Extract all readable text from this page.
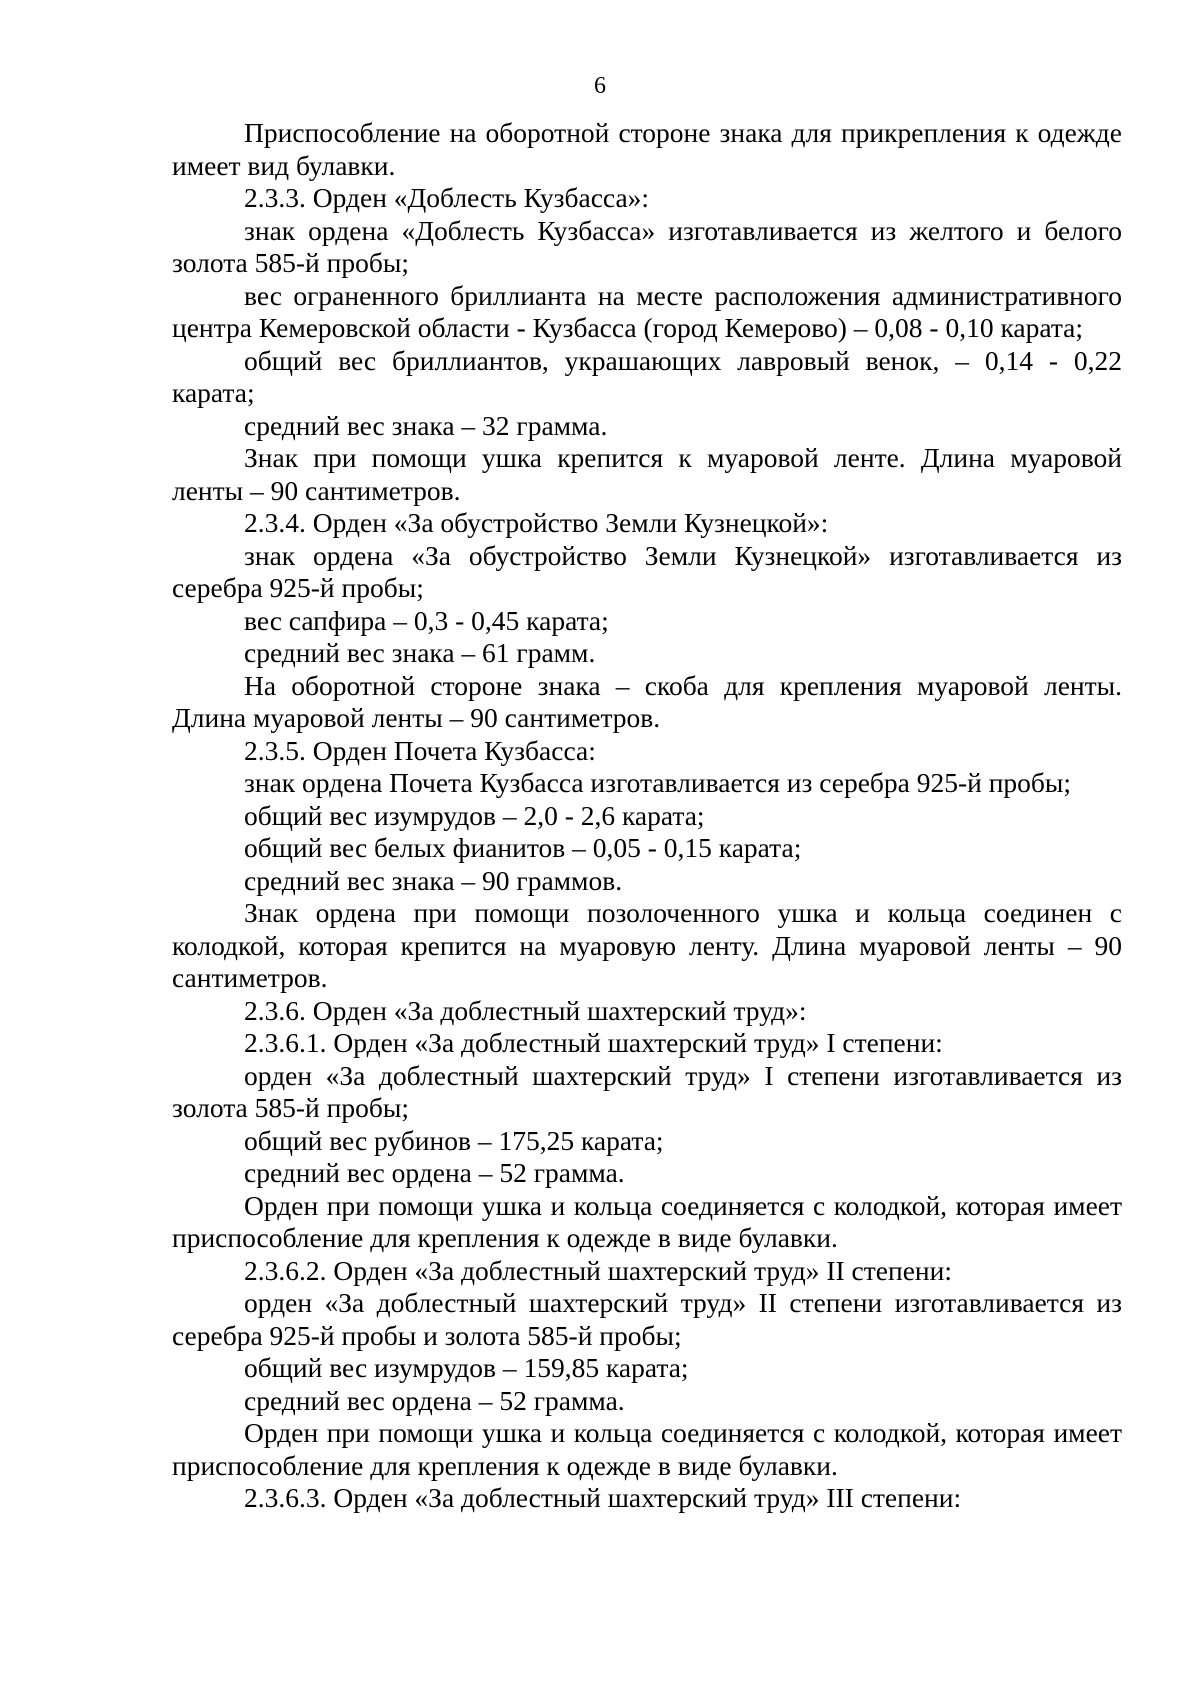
6

Приспособление на оборотной стороне знака для прикрепления к одежде имеет вид булавки.

2.3.3. Орден «Доблесть Кузбасса»:

знак ордена «Доблесть Кузбасса» изготавливается из желтого и белого золота 585-й пробы;

вес ограненного бриллианта на месте расположения административного центра Кемеровской области - Кузбасса (город Кемерово) – 0,08 - 0,10 карата;

общий вес бриллиантов, украшающих лавровый венок, – 0,14 - 0,22 карата;

средний вес знака – 32 грамма.

Знак при помощи ушка крепится к муаровой ленте. Длина муаровой ленты – 90 сантиметров.

2.3.4. Орден «За обустройство Земли Кузнецкой»:

знак ордена «За обустройство Земли Кузнецкой» изготавливается из серебра 925-й пробы;

вес сапфира – 0,3 - 0,45 карата;

средний вес знака – 61 грамм.

На оборотной стороне знака – скоба для крепления муаровой ленты. Длина муаровой ленты – 90 сантиметров.

2.3.5. Орден Почета Кузбасса:

знак ордена Почета Кузбасса изготавливается из серебра 925-й пробы;

общий вес изумрудов – 2,0 - 2,6 карата;

общий вес белых фианитов – 0,05 - 0,15 карата;

средний вес знака – 90 граммов.

Знак ордена при помощи позолоченного ушка и кольца соединен с колодкой, которая крепится на муаровую ленту. Длина муаровой ленты – 90 сантиметров.

2.3.6. Орден «За доблестный шахтерский труд»:

2.3.6.1. Орден «За доблестный шахтерский труд» I степени:

орден «За доблестный шахтерский труд» I степени изготавливается из золота 585-й пробы;

общий вес рубинов – 175,25 карата;

средний вес ордена – 52 грамма.

Орден при помощи ушка и кольца соединяется с колодкой, которая имеет приспособление для крепления к одежде в виде булавки.

2.3.6.2. Орден «За доблестный шахтерский труд» II степени:

орден «За доблестный шахтерский труд» II степени изготавливается из серебра 925-й пробы и золота 585-й пробы;

общий вес изумрудов – 159,85 карата;

средний вес ордена – 52 грамма.

Орден при помощи ушка и кольца соединяется с колодкой, которая имеет приспособление для крепления к одежде в виде булавки.

2.3.6.3. Орден «За доблестный шахтерский труд» III степени:
